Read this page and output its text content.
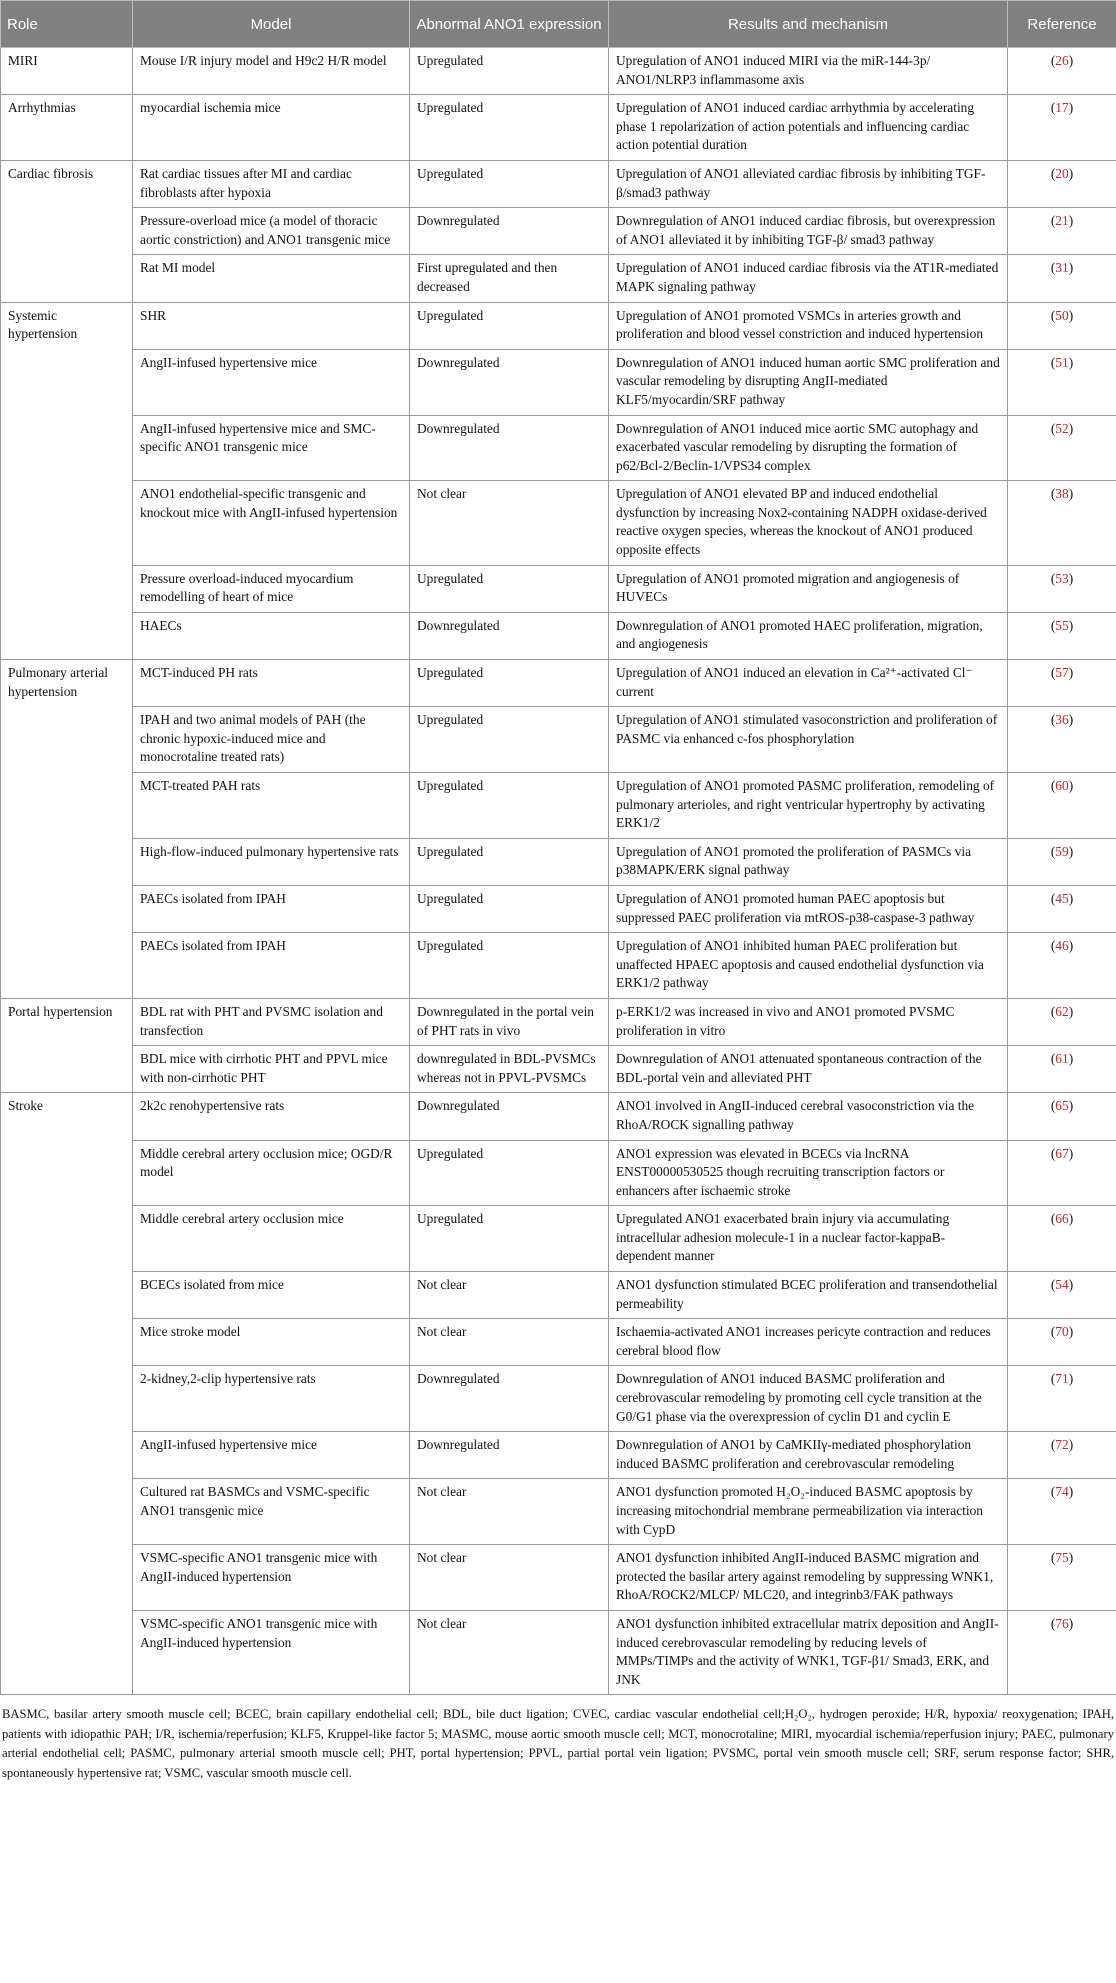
Role	Model	Abnormal ANO1 expression	Results and mechanism	Reference
MIRI	Mouse I/R injury model and H9c2 H/R model	Upregulated	Upregulation of ANO1 induced MIRI via the miR-144-3p/ ANO1/NLRP3 inflammasome axis	(26)
Arrhythmias	myocardial ischemia mice	Upregulated	Upregulation of ANO1 induced cardiac arrhythmia by accelerating phase 1 repolarization of action potentials and influencing cardiac action potential duration	(17)
Cardiac fibrosis	Rat cardiac tissues after MI and cardiac fibroblasts after hypoxia	Upregulated	Upregulation of ANO1 alleviated cardiac fibrosis by inhibiting TGF-β/smad3 pathway	(20)
	Pressure-overload mice (a model of thoracic aortic constriction) and ANO1 transgenic mice	Downregulated	Downregulation of ANO1 induced cardiac fibrosis, but overexpression of ANO1 alleviated it by inhibiting TGF-β/ smad3 pathway	(21)
	Rat MI model	First upregulated and then decreased	Upregulation of ANO1 induced cardiac fibrosis via the AT1R-mediated MAPK signaling pathway	(31)
Systemic hypertension	SHR	Upregulated	Upregulation of ANO1 promoted VSMCs in arteries growth and proliferation and blood vessel constriction and induced hypertension	(50)
	AngII-infused hypertensive mice	Downregulated	Downregulation of ANO1 induced human aortic SMC proliferation and vascular remodeling by disrupting AngII-mediated KLF5/myocardin/SRF pathway	(51)
	AngII-infused hypertensive mice and SMC-specific ANO1 transgenic mice	Downregulated	Downregulation of ANO1 induced mice aortic SMC autophagy and exacerbated vascular remodeling by disrupting the formation of p62/Bcl-2/Beclin-1/VPS34 complex	(52)
	ANO1 endothelial-specific transgenic and knockout mice with AngII-infused hypertension	Not clear	Upregulation of ANO1 elevated BP and induced endothelial dysfunction by increasing Nox2-containing NADPH oxidase-derived reactive oxygen species, whereas the knockout of ANO1 produced opposite effects	(38)
	Pressure overload-induced myocardium remodelling of heart of mice	Upregulated	Upregulation of ANO1 promoted migration and angiogenesis of HUVECs	(53)
	HAECs	Downregulated	Downregulation of ANO1 promoted HAEC proliferation, migration, and angiogenesis	(55)
Pulmonary arterial hypertension	MCT-induced PH rats	Upregulated	Upregulation of ANO1 induced an elevation in Ca²⁺-activated Cl⁻ current	(57)
	IPAH and two animal models of PAH (the chronic hypoxic-induced mice and monocrotaline treated rats)	Upregulated	Upregulation of ANO1 stimulated vasoconstriction and proliferation of PASMC via enhanced c-fos phosphorylation	(36)
	MCT-treated PAH rats	Upregulated	Upregulation of ANO1 promoted PASMC proliferation, remodeling of pulmonary arterioles, and right ventricular hypertrophy by activating ERK1/2	(60)
	High-flow-induced pulmonary hypertensive rats	Upregulated	Upregulation of ANO1 promoted the proliferation of PASMCs via p38MAPK/ERK signal pathway	(59)
	PAECs isolated from IPAH	Upregulated	Upregulation of ANO1 promoted human PAEC apoptosis but suppressed PAEC proliferation via mtROS-p38-caspase-3 pathway	(45)
	PAECs isolated from IPAH	Upregulated	Upregulation of ANO1 inhibited human PAEC proliferation but unaffected HPAEC apoptosis and caused endothelial dysfunction via ERK1/2 pathway	(46)
Portal hypertension	BDL rat with PHT and PVSMC isolation and transfection	Downregulated in the portal vein of PHT rats in vivo	p-ERK1/2 was increased in vivo and ANO1 promoted PVSMC proliferation in vitro	(62)
	BDL mice with cirrhotic PHT and PPVL mice with non-cirrhotic PHT	downregulated in BDL-PVSMCs whereas not in PPVL-PVSMCs	Downregulation of ANO1 attenuated spontaneous contraction of the BDL-portal vein and alleviated PHT	(61)
Stroke	2k2c renohypertensive rats	Downregulated	ANO1 involved in AngII-induced cerebral vasoconstriction via the RhoA/ROCK signalling pathway	(65)
	Middle cerebral artery occlusion mice; OGD/R model	Upregulated	ANO1 expression was elevated in BCECs via lncRNA ENST00000530525 though recruiting transcription factors or enhancers after ischaemic stroke	(67)
	Middle cerebral artery occlusion mice	Upregulated	Upregulated ANO1 exacerbated brain injury via accumulating intracellular adhesion molecule-1 in a nuclear factor-kappaB-dependent manner	(66)
	BCECs isolated from mice	Not clear	ANO1 dysfunction stimulated BCEC proliferation and transendothelial permeability	(54)
	Mice stroke model	Not clear	Ischaemia-activated ANO1 increases pericyte contraction and reduces cerebral blood flow	(70)
	2-kidney,2-clip hypertensive rats	Downregulated	Downregulation of ANO1 induced BASMC proliferation and cerebrovascular remodeling by promoting cell cycle transition at the G0/G1 phase via the overexpression of cyclin D1 and cyclin E	(71)
	AngII-infused hypertensive mice	Downregulated	Downregulation of ANO1 by CaMKIIγ-mediated phosphorylation induced BASMC proliferation and cerebrovascular remodeling	(72)
	Cultured rat BASMCs and VSMC-specific ANO1 transgenic mice	Not clear	ANO1 dysfunction promoted H₂O₂-induced BASMC apoptosis by increasing mitochondrial membrane permeabilization via interaction with CypD	(74)
	VSMC-specific ANO1 transgenic mice with AngII-induced hypertension	Not clear	ANO1 dysfunction inhibited AngII-induced BASMC migration and protected the basilar artery against remodeling by suppressing WNK1, RhoA/ROCK2/MLCP/ MLC20, and integrinb3/FAK pathways	(75)
	VSMC-specific ANO1 transgenic mice with AngII-induced hypertension	Not clear	ANO1 dysfunction inhibited extracellular matrix deposition and AngII-induced cerebrovascular remodeling by reducing levels of MMPs/TIMPs and the activity of WNK1, TGF-β1/ Smad3, ERK, and JNK	(76)
BASMC, basilar artery smooth muscle cell; BCEC, brain capillary endothelial cell; BDL, bile duct ligation; CVEC, cardiac vascular endothelial cell;H₂O₂, hydrogen peroxide; H/R, hypoxia/ reoxygenation; IPAH, patients with idiopathic PAH; I/R, ischemia/reperfusion; KLF5, Kruppel-like factor 5; MASMC, mouse aortic smooth muscle cell; MCT, monocrotaline; MIRI, myocardial ischemia/reperfusion injury; PAEC, pulmonary arterial endothelial cell; PASMC, pulmonary arterial smooth muscle cell; PHT, portal hypertension; PPVL, partial portal vein ligation; PVSMC, portal vein smooth muscle cell; SRF, serum response factor; SHR, spontaneously hypertensive rat; VSMC, vascular smooth muscle cell.
